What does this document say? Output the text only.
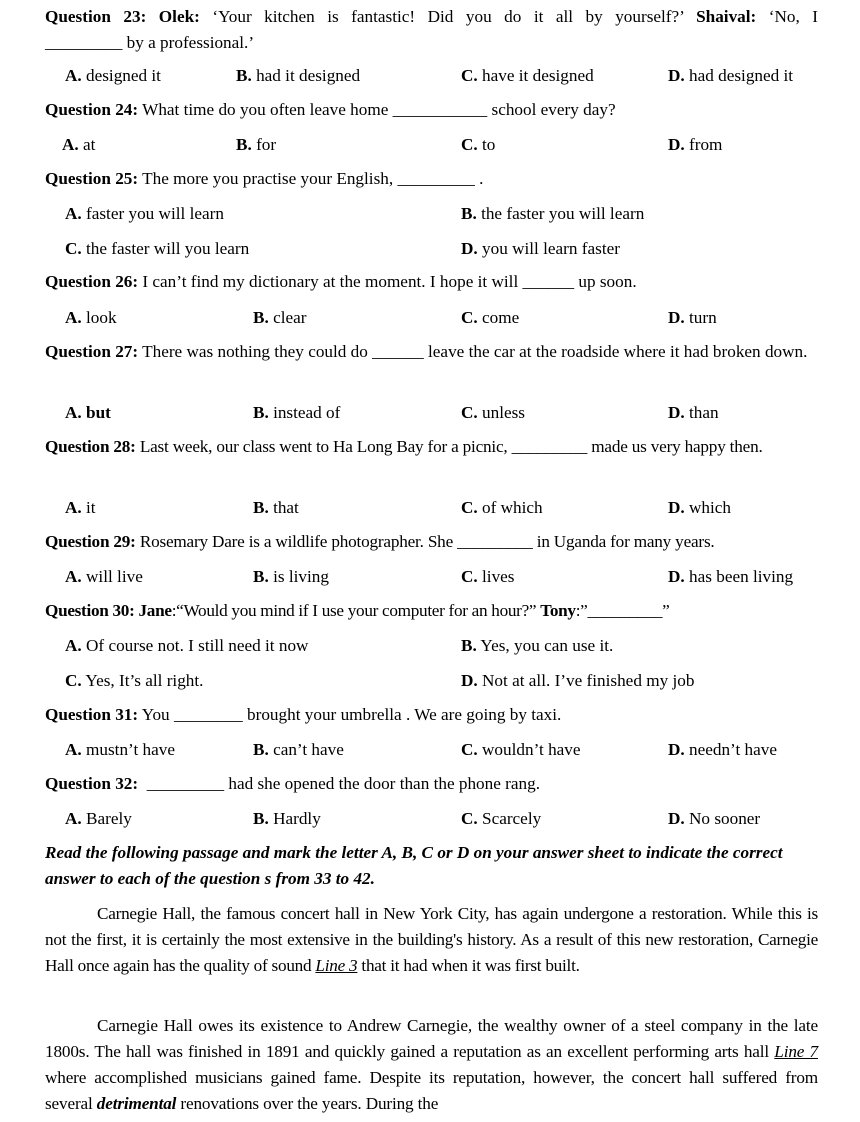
Question 23: Olek: ‘Your kitchen is fantastic! Did you do it all by yourself?’ Shaival: ‘No, I
_________ by a professional.’
A. designed it	B. had it designed	C. have it designed	D. had designed it
Question 24: What time do you often leave home ___________ school every day?
A. at	B. for	C. to	D. from
Question 25: The more you practise your English, _________ .
A. faster you will learn	B. the faster you will learn
C. the faster will you learn	D. you will learn faster
Question 26: I can’t find my dictionary at the moment. I hope it will ______ up soon.
A. look	B. clear	C. come	D. turn
Question 27: There was nothing they could do ______ leave the car at the roadside where it had broken down.
A. but	B. instead of	C. unless	D. than
Question 28: Last week, our class went to Ha Long Bay for a picnic, _________ made us very happy then.
A. it	B. that	C. of which	D. which
Question 29: Rosemary Dare is a wildlife photographer. She _________ in Uganda for many years.
A. will live	B. is living	C. lives	D. has been living
Question 30: Jane:“Would you mind if I use your computer for an hour?” Tony:”_________”
A. Of course not. I still need it now	B. Yes, you can use it.
C. Yes, It’s all right.	D. Not at all. I’ve finished my job
Question 31: You ________ brought your umbrella . We are going by taxi.
A. mustn’t have	B. can’t have	C. wouldn’t have	D. needn’t have
Question 32: _________ had she opened the door than the phone rang.
A. Barely	B. Hardly	C. Scarcely	D. No sooner
Read the following passage and mark the letter A, B, C or D on your answer sheet to indicate the correct answer to each of the question s from 33 to 42.
Carnegie Hall, the famous concert hall in New York City, has again undergone a restoration. While this is not the first, it is certainly the most extensive in the building's history. As a result of this new restoration, Carnegie Hall once again has the quality of sound Line 3 that it had when it was first built.
Carnegie Hall owes its existence to Andrew Carnegie, the wealthy owner of a steel company in the late 1800s. The hall was finished in 1891 and quickly gained a reputation as an excellent performing arts hall Line 7 where accomplished musicians gained fame. Despite its reputation, however, the concert hall suffered from several detrimental renovations over the years. During the
